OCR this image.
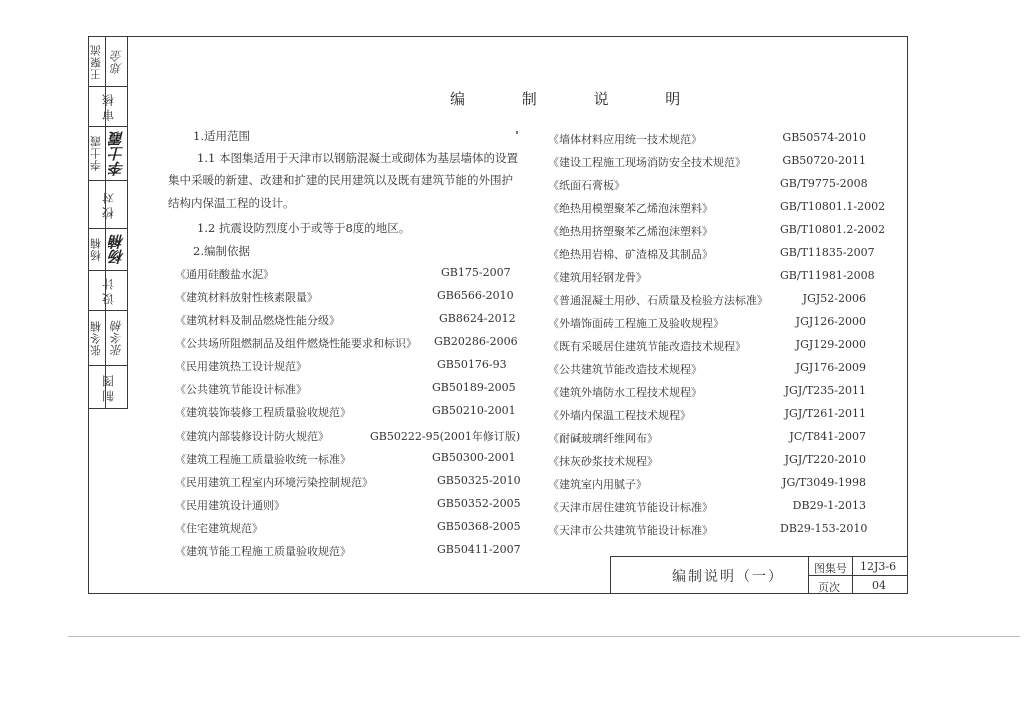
王聚流 郑金
审核
李士霞 李士霞
校对
杨楠 杨楠
设计
张冬楠 张冬楠
制图
编 制 说 明
1.适用范围
1.1 本图集适用于天津市以钢筋混凝土或砌体为基层墙体的设置
集中采暖的新建、改建和扩建的民用建筑以及既有建筑节能的外围护
结构内保温工程的设计。
1.2 抗震设防烈度小于或等于8度的地区。
2.编制依据
《通用硅酸盐水泥》	GB175-2007
《建筑材料放射性核素限量》	GB6566-2010
《建筑材料及制品燃烧性能分级》	GB8624-2012
《公共场所阻燃制品及组件燃烧性能要求和标识》 GB20286-2006
《民用建筑热工设计规范》	GB50176-93
《公共建筑节能设计标准》	GB50189-2005
《建筑装饰装修工程质量验收规范》	GB50210-2001
《建筑内部装修设计防火规范》	GB50222-95(2001年修订版)
《建筑工程施工质量验收统一标准》	GB50300-2001
《民用建筑工程室内环境污染控制规范》	GB50325-2010
《民用建筑设计通则》	GB50352-2005
《住宅建筑规范》	GB50368-2005
《建筑节能工程施工质量验收规范》	GB50411-2007
《墙体材料应用统一技术规范》	GB50574-2010
《建设工程施工现场消防安全技术规范》	GB50720-2011
《纸面石膏板》	GB/T9775-2008
《绝热用模塑聚苯乙烯泡沫塑料》	GB/T10801.1-2002
《绝热用挤塑聚苯乙烯泡沫塑料》	GB/T10801.2-2002
《绝热用岩棉、矿渣棉及其制品》	GB/T11835-2007
《建筑用轻钢龙骨》	GB/T11981-2008
《普通混凝土用砂、石质量及检验方法标准》	JGJ52-2006
《外墙饰面砖工程施工及验收规程》	JGJ126-2000
《既有采暖居住建筑节能改造技术规程》	JGJ129-2000
《公共建筑节能改造技术规程》	JGJ176-2009
《建筑外墙防水工程技术规程》	JGJ/T235-2011
《外墙内保温工程技术规程》	JGJ/T261-2011
《耐碱玻璃纤维网布》	JC/T841-2007
《抹灰砂浆技术规程》	JGJ/T220-2010
《建筑室内用腻子》	JG/T3049-1998
《天津市居住建筑节能设计标准》	DB29-1-2013
《天津市公共建筑节能设计标准》	DB29-153-2010
编制说明（一）
图集号 12J3-6
页次	04
